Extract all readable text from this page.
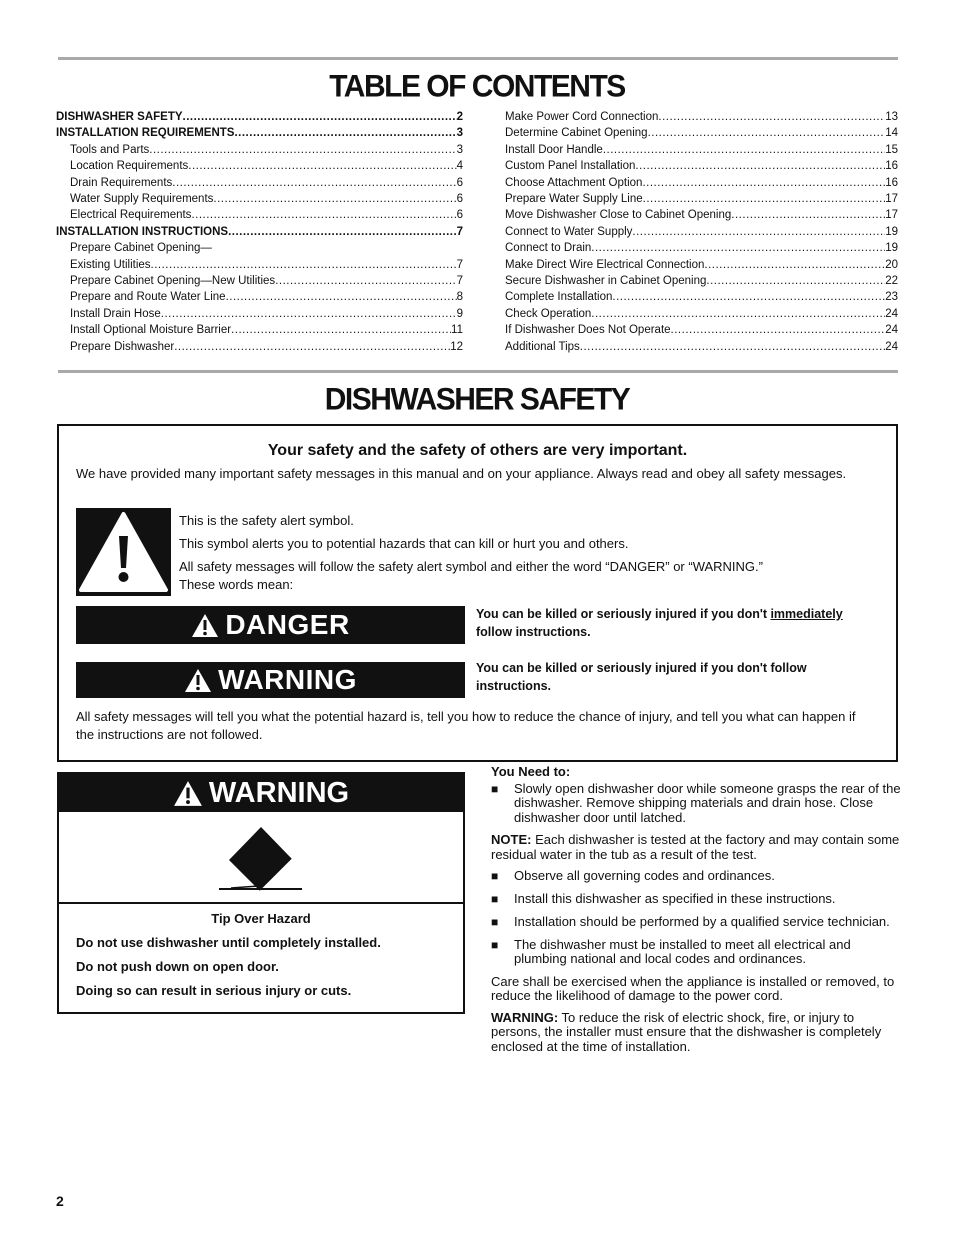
TABLE OF CONTENTS
DISHWASHER SAFETY .....	2
INSTALLATION REQUIREMENTS .....	3
Tools and Parts .....	3
Location Requirements .....	4
Drain Requirements .....	6
Water Supply Requirements .....	6
Electrical Requirements .....	6
INSTALLATION INSTRUCTIONS .....	7
Prepare Cabinet Opening—
Existing Utilities .....	7
Prepare Cabinet Opening—New Utilities .....	7
Prepare and Route Water Line .....	8
Install Drain Hose .....	9
Install Optional Moisture Barrier .....	11
Prepare Dishwasher .....	12
Make Power Cord Connection .....	13
Determine Cabinet Opening .....	14
Install Door Handle .....	15
Custom Panel Installation .....	16
Choose Attachment Option .....	16
Prepare Water Supply Line .....	17
Move Dishwasher Close to Cabinet Opening .....	17
Connect to Water Supply .....	19
Connect to Drain .....	19
Make Direct Wire Electrical Connection .....	20
Secure Dishwasher in Cabinet Opening .....	22
Complete Installation .....	23
Check Operation .....	24
If Dishwasher Does Not Operate .....	24
Additional Tips .....	24
DISHWASHER SAFETY
Your safety and the safety of others are very important.
We have provided many important safety messages in this manual and on your appliance. Always read and obey all safety messages.
This is the safety alert symbol.
This symbol alerts you to potential hazards that can kill or hurt you and others.
All safety messages will follow the safety alert symbol and either the word “DANGER” or “WARNING.”
These words mean:
DANGER	You can be killed or seriously injured if you don't immediately
follow instructions.
WARNING	You can be killed or seriously injured if you don't follow instructions.
All safety messages will tell you what the potential hazard is, tell you how to reduce the chance of injury, and tell you what can happen if the instructions are not followed.
WARNING
Tip Over Hazard
Do not use dishwasher until completely installed.
Do not push down on open door.
Doing so can result in serious injury or cuts.

You Need to:

■ Slowly open dishwasher door while someone grasps the rear of the dishwasher. Remove shipping materials and drain hose. Close dishwasher door until latched.

NOTE: Each dishwasher is tested at the factory and may contain some residual water in the tub as a result of the test.

■ Observe all governing codes and ordinances.
■ Install this dishwasher as specified in these instructions.
■ Installation should be performed by a qualified service technician.
■ The dishwasher must be installed to meet all electrical and plumbing national and local codes and ordinances.

Care shall be exercised when the appliance is installed or removed, to reduce the likelihood of damage to the power cord.

WARNING: To reduce the risk of electric shock, fire, or injury to persons, the installer must ensure that the dishwasher is completely enclosed at the time of installation.

2
